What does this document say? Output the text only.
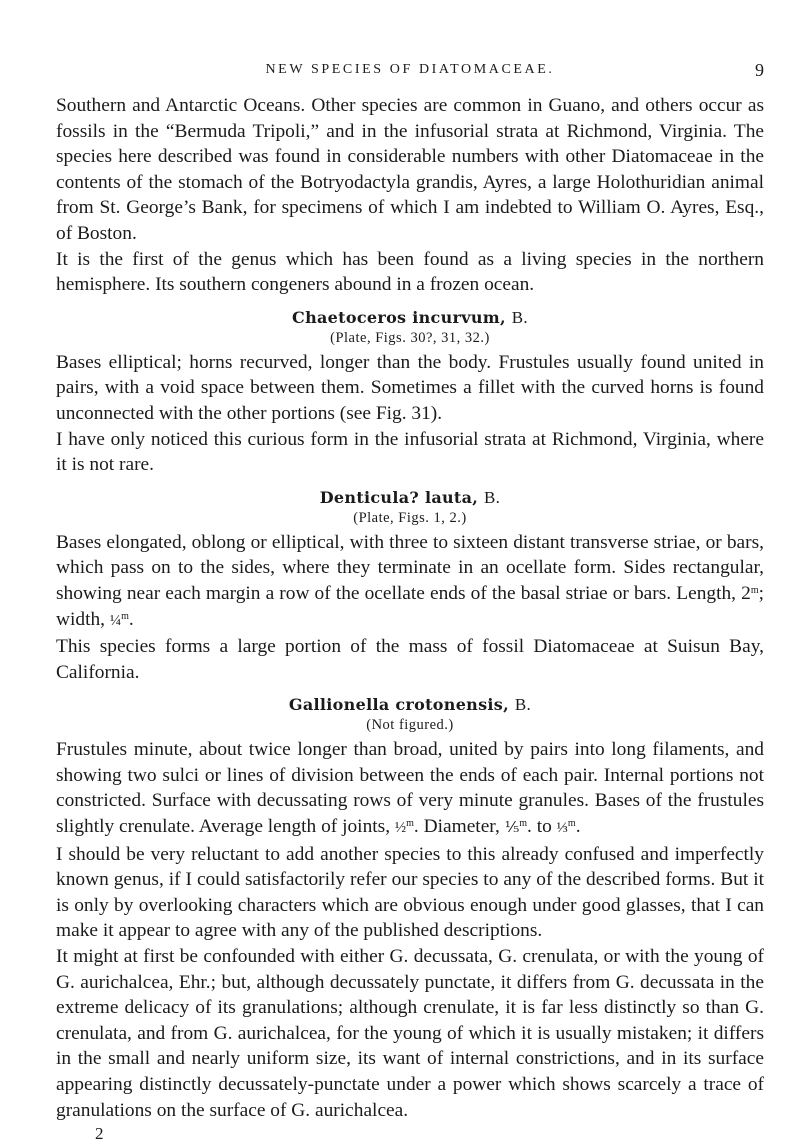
NEW SPECIES OF DIATOMACEAE.	9

Southern and Antarctic Oceans. Other species are common in Guano, and others occur as fossils in the “Bermuda Tripoli,” and in the infusorial strata at Richmond, Virginia. The species here described was found in considerable numbers with other Diatomaceae in the contents of the stomach of the Botryodactyla grandis, Ayres, a large Holothuridian animal from St. George’s Bank, for specimens of which I am indebted to William O. Ayres, Esq., of Boston.

It is the first of the genus which has been found as a living species in the northern hemisphere. Its southern congeners abound in a frozen ocean.

Chaetoceros incurvum, B.
(Plate, Figs. 30?, 31, 32.)

Bases elliptical; horns recurved, longer than the body. Frustules usually found united in pairs, with a void space between them. Sometimes a fillet with the curved horns is found unconnected with the other portions (see Fig. 31).

I have only noticed this curious form in the infusorial strata at Richmond, Virginia, where it is not rare.

Denticula? lauta, B.
(Plate, Figs. 1, 2.)

Bases elongated, oblong or elliptical, with three to sixteen distant transverse striae, or bars, which pass on to the sides, where they terminate in an ocellate form. Sides rectangular, showing near each margin a row of the ocellate ends of the basal striae or bars. Length, 2$^m$; width, ¼$^m$.

This species forms a large portion of the mass of fossil Diatomaceae at Suisun Bay, California.

Gallionella crotonensis, B.
(Not figured.)

Frustules minute, about twice longer than broad, united by pairs into long filaments, and showing two sulci or lines of division between the ends of each pair. Internal portions not constricted. Surface with decussating rows of very minute granules. Bases of the frustules slightly crenulate. Average length of joints, ½$^m$. Diameter, ⅕$^m$. to ⅓$^m$.

I should be very reluctant to add another species to this already confused and imperfectly known genus, if I could satisfactorily refer our species to any of the described forms. But it is only by overlooking characters which are obvious enough under good glasses, that I can make it appear to agree with any of the published descriptions.

It might at first be confounded with either G. decussata, G. crenulata, or with the young of G. aurichalcea, Ehr.; but, although decussately punctate, it differs from G. decussata in the extreme delicacy of its granulations; although crenulate, it is far less distinctly so than G. crenulata, and from G. aurichalcea, for the young of which it is usually mistaken; it differs in the small and nearly uniform size, its want of internal constrictions, and in its surface appearing distinctly decussately-punctate under a power which shows scarcely a trace of granulations on the surface of G. aurichalcea.

2
